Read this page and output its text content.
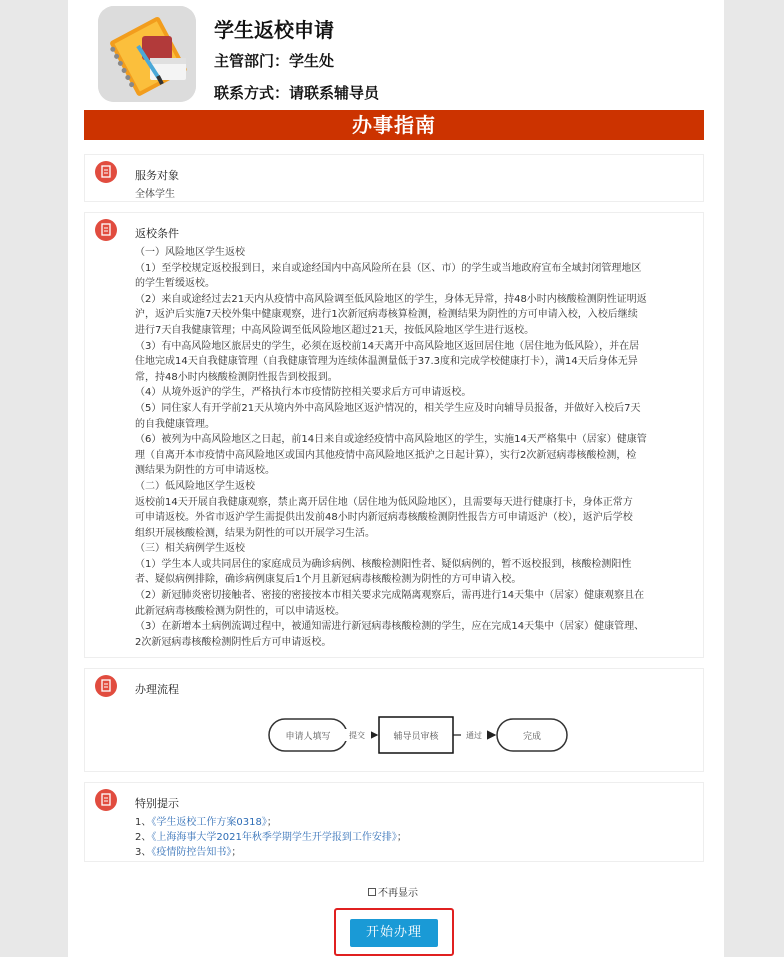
学生返校申请
主管部门：学生处
联系方式：请联系辅导员
办事指南
服务对象
全体学生
返校条件
（一）风险地区学生返校
（1）至学校规定返校报到日，来自或途经国内中高风险所在县（区、市）的学生或当地政府宣布全域封闭管理地区
的学生暂缓返校。
（2）来自或途经过去21天内从疫情中高风险调至低风险地区的学生，身体无异常，持48小时内核酸检测阴性证明返
沪，返沪后实施7天校外集中健康观察，进行1次新冠病毒核算检测，检测结果为阴性的方可申请入校，入校后继续
进行7天自我健康管理；中高风险调至低风险地区超过21天，按低风险地区学生进行返校。
（3）有中高风险地区旅居史的学生，必须在返校前14天离开中高风险地区返回居住地（居住地为低风险），并在居
住地完成14天自我健康管理（自我健康管理为连续体温测量低于37.3度和完成学校健康打卡），满14天后身体无异
常，持48小时内核酸检测阴性报告到校报到。
（4）从境外返沪的学生，严格执行本市疫情防控相关要求后方可申请返校。
（5）同住家人有开学前21天从境内外中高风险地区返沪情况的，相关学生应及时向辅导员报备，并做好入校后7天
的自我健康管理。
（6）被列为中高风险地区之日起，前14日来自或途经疫情中高风险地区的学生，实施14天严格集中（居家）健康管
理（自离开本市疫情中高风险地区或国内其他疫情中高风险地区抵沪之日起计算），实行2次新冠病毒核酸检测，检
测结果为阴性的方可申请返校。
（二）低风险地区学生返校
返校前14天开展自我健康观察，禁止离开居住地（居住地为低风险地区），且需要每天进行健康打卡，身体正常方
可申请返校。外省市返沪学生需提供出发前48小时内新冠病毒核酸检测阴性报告方可申请返沪（校），返沪后学校
组织开展核酸检测，结果为阴性的可以开展学习生活。
（三）相关病例学生返校
（1）学生本人或共同居住的家庭成员为确诊病例、核酸检测阳性者、疑似病例的，暂不返校报到，核酸检测阳性
者、疑似病例排除，确诊病例康复后1个月且新冠病毒核酸检测为阴性的方可申请入校。
（2）新冠肺炎密切接触者、密接的密接按本市相关要求完成隔离观察后，需再进行14天集中（居家）健康观察且在
此新冠病毒核酸检测为阴性的，可以申请返校。
（3）在新增本土病例流调过程中，被通知需进行新冠病毒核酸检测的学生，应在完成14天集中（居家）健康管理、
2次新冠病毒核酸检测阴性后方可申请返校。
办理流程
申请人填写 提交	辅导员审核	通过	完成
特别提示
1、《学生返校工作方案0318》；
2、《上海海事大学2021年秋季学期学生开学报到工作安排》；
3、《疫情防控告知书》；
不再显示
开始办理
